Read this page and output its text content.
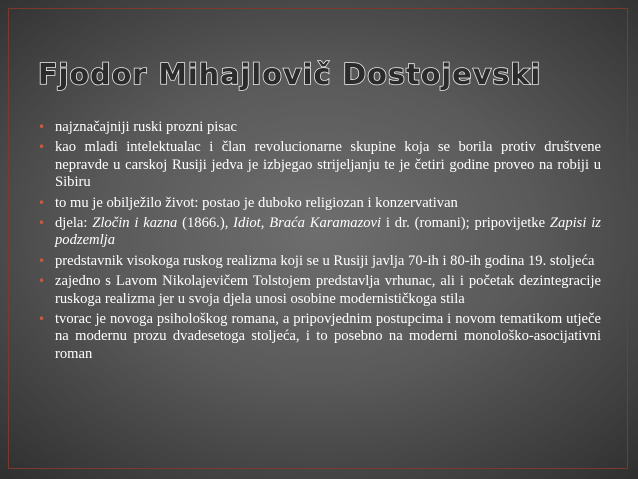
Fjodor Mihajlovič Dostojevski
• najznačajniji ruski prozni pisac
• kao mladi intelektualac i član revolucionarne skupine koja se borila protiv društvene nepravde u carskoj Rusiji jedva je izbjegao strijeljanju te je četiri godine proveo na robiji u Sibiru
• to mu je obilježilo život: postao je duboko religiozan i konzervativan
• djela: Zločin i kazna (1866.), Idiot, Braća Karamazovi i dr. (romani); pripovijetke Zapisi iz podzemlja
• predstavnik visokoga ruskog realizma koji se u Rusiji javlja 70-ih i 80-ih godina 19. stoljeća
• zajedno s Lavom Nikolajevičem Tolstojem predstavlja vrhunac, ali i početak dezintegracije ruskoga realizma jer u svoja djela unosi osobine modernističkoga stila
• tvorac je novoga psihološkog romana, a pripovjednim postupcima i novom tematikom utječe na modernu prozu dvadesetoga stoljeća, i to posebno na moderni monološko-asocijativni roman
